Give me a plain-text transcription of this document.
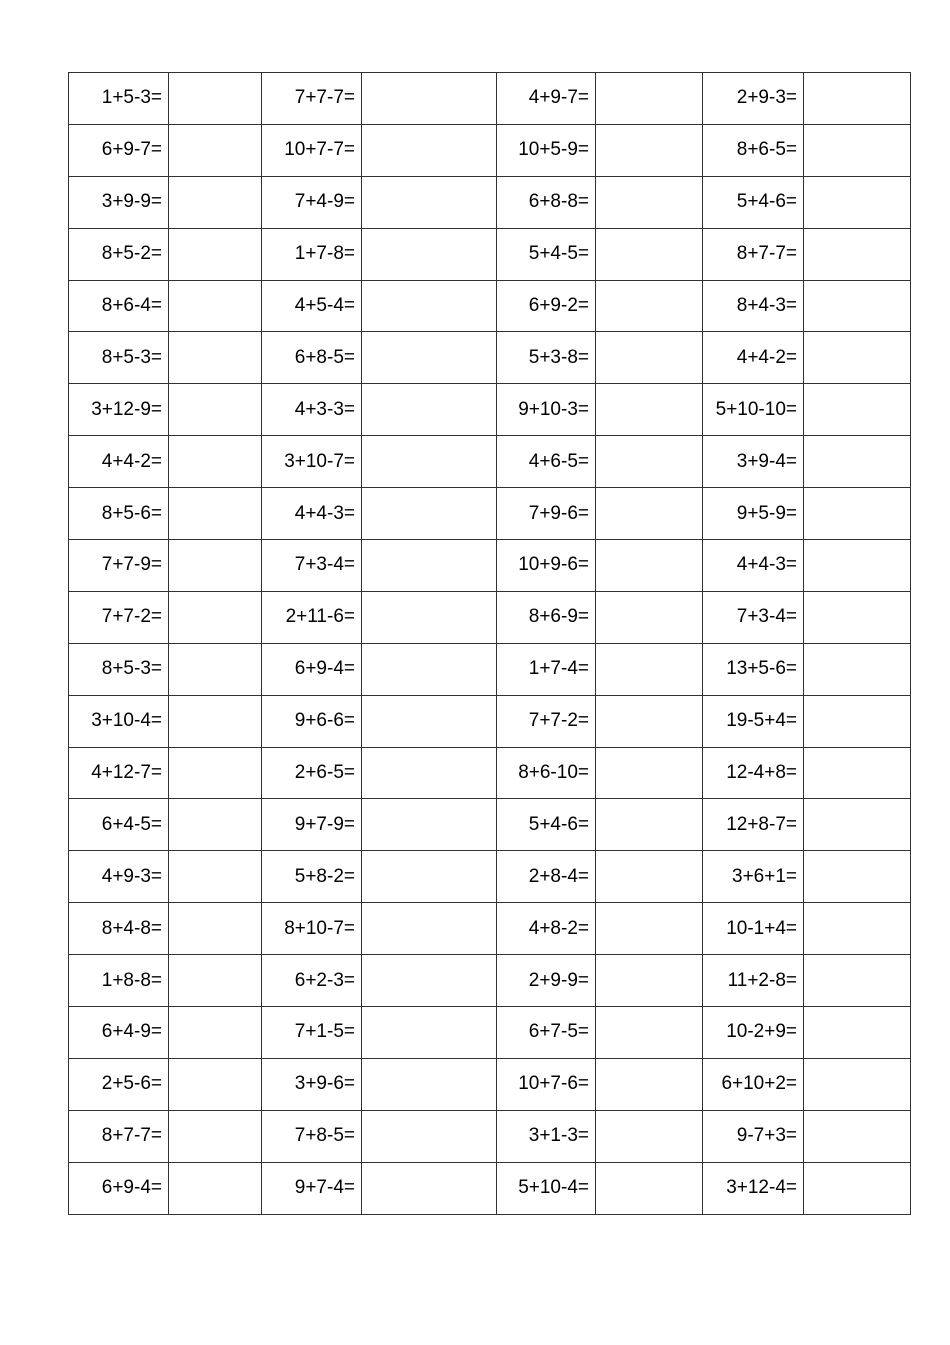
1+5-3=		7+7-7=		4+9-7=		2+9-3=	
6+9-7=		10+7-7=		10+5-9=		8+6-5=	
3+9-9=		7+4-9=		6+8-8=		5+4-6=	
8+5-2=		1+7-8=		5+4-5=		8+7-7=	
8+6-4=		4+5-4=		6+9-2=		8+4-3=	
8+5-3=		6+8-5=		5+3-8=		4+4-2=	
3+12-9=		4+3-3=		9+10-3=		5+10-10=	
4+4-2=		3+10-7=		4+6-5=		3+9-4=	
8+5-6=		4+4-3=		7+9-6=		9+5-9=	
7+7-9=		7+3-4=		10+9-6=		4+4-3=	
7+7-2=		2+11-6=		8+6-9=		7+3-4=	
8+5-3=		6+9-4=		1+7-4=		13+5-6=	
3+10-4=		9+6-6=		7+7-2=		19-5+4=	
4+12-7=		2+6-5=		8+6-10=		12-4+8=	
6+4-5=		9+7-9=		5+4-6=		12+8-7=	
4+9-3=		5+8-2=		2+8-4=		3+6+1=	
8+4-8=		8+10-7=		4+8-2=		10-1+4=	
1+8-8=		6+2-3=		2+9-9=		11+2-8=	
6+4-9=		7+1-5=		6+7-5=		10-2+9=	
2+5-6=		3+9-6=		10+7-6=		6+10+2=	
8+7-7=		7+8-5=		3+1-3=		9-7+3=	
6+9-4=		9+7-4=		5+10-4=		3+12-4=	
